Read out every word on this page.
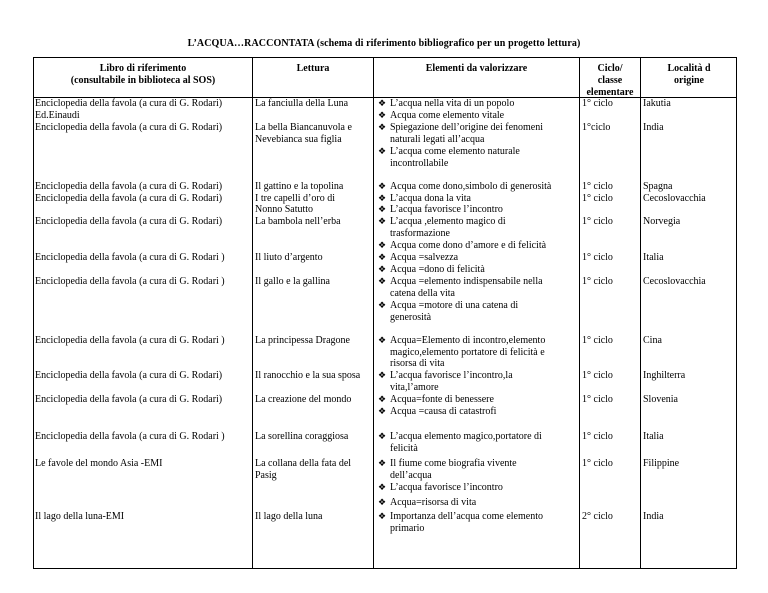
L’ACQUA…RACCONTATA (schema di riferimento bibliografico per un progetto lettura)
Libro di riferimento
(consultabile in biblioteca al SOS)
Lettura	Elementi da valorizzare	Ciclo/
classe
elementare
Località d
origine
Enciclopedia della favola (a cura di G. Rodari)
Ed.Einaudi
Enciclopedia della favola (a cura di G. Rodari)
Enciclopedia della favola (a cura di G. Rodari)
Enciclopedia della favola (a cura di G. Rodari)
Enciclopedia della favola (a cura di G. Rodari)
Enciclopedia della favola (a cura di G. Rodari )
Enciclopedia della favola (a cura di G. Rodari )
Enciclopedia della favola (a cura di G. Rodari )
Enciclopedia della favola (a cura di G. Rodari)
Enciclopedia della favola (a cura di G. Rodari)
Enciclopedia della favola (a cura di G. Rodari )
Le favole del mondo Asia -EMI
Il lago della luna-EMI
La fanciulla della Luna
La bella Biancanuvola e
Nevebianca sua figlia
Il gattino e la topolina
I tre capelli d’oro di
Nonno Satutto
La bambola nell’erba
Il liuto d’argento
Il gallo e la gallina
La principessa Dragone
Il ranocchio e la sua sposa
La creazione del mondo
La sorellina coraggiosa
La collana della fata del
Pasig
Il lago della luna
❖ L’acqua nella vita di un popolo
❖ Acqua come elemento vitale
❖ Spiegazione dell’origine dei fenomeni
naturali legati all’acqua
❖ L’acqua come elemento naturale
incontrollabile
❖ Acqua come dono,simbolo di generosità
❖ L’acqua dona la vita
❖ L’acqua favorisce l’incontro
❖ L’acqua ,elemento magico di
trasformazione
❖ Acqua come dono d’amore e di felicità
❖ Acqua =salvezza
❖ Acqua =dono di felicità
❖ Acqua =elemento indispensabile nella
catena della vita
❖ Acqua =motore di una catena di
generosità
❖ Acqua=Elemento di incontro,elemento
magico,elemento portatore di felicità e
risorsa di vita
❖ L’acqua favorisce l’incontro,la
vita,l’amore
❖ Acqua=fonte di benessere
❖ Acqua =causa di catastrofi
❖ L’acqua elemento magico,portatore di
felicità
❖ Il fiume come biografia vivente
dell’acqua
❖ L’acqua favorisce l’incontro
❖ Acqua=risorsa di vita
❖ Importanza dell’acqua come elemento
primario
1° ciclo
1°ciclo
1° ciclo
1° ciclo
1° ciclo
1° ciclo
1° ciclo
1° ciclo
1° ciclo
1° ciclo
1° ciclo
1° ciclo
2° ciclo
Iakutia
India
Spagna
Cecoslovacchia
Norvegia
Italia
Cecoslovacchia
Cina
Inghilterra
Slovenia
Italia
Filippine
India
